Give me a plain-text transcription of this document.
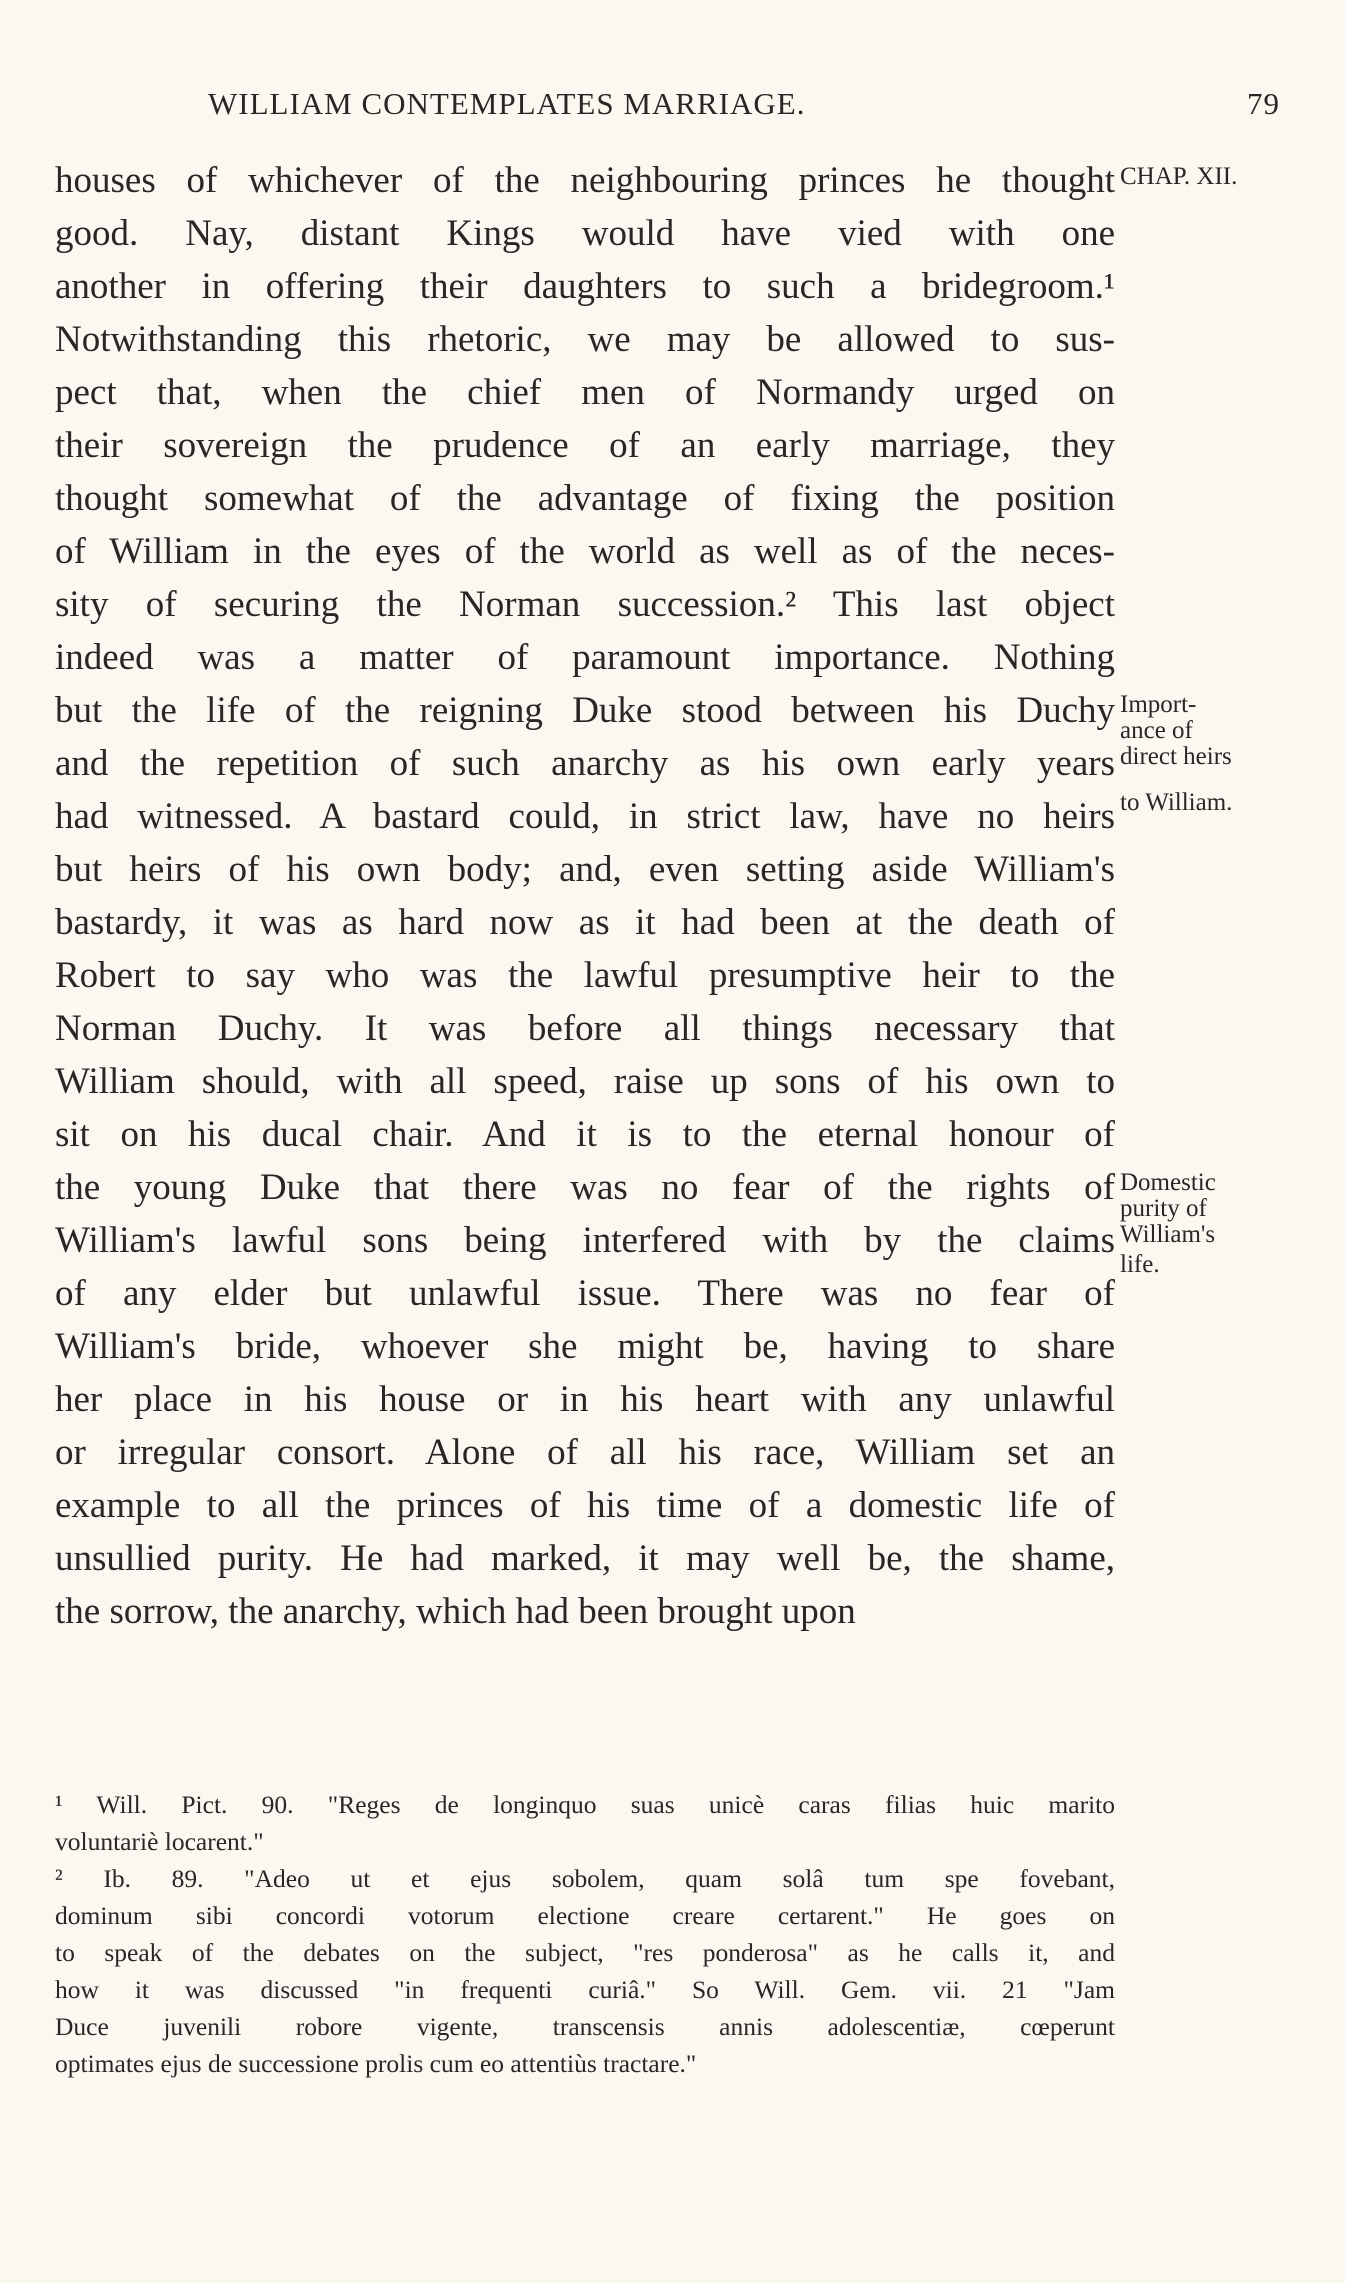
WILLIAM CONTEMPLATES MARRIAGE.	79
houses of whichever of the neighbouring princes he thought
good. Nay, distant Kings would have vied with one
another in offering their daughters to such a bridegroom.¹
Notwithstanding this rhetoric, we may be allowed to sus-
pect that, when the chief men of Normandy urged on
their sovereign the prudence of an early marriage, they
thought somewhat of the advantage of fixing the position
of William in the eyes of the world as well as of the neces-
sity of securing the Norman succession.² This last object
indeed was a matter of paramount importance. Nothing
but the life of the reigning Duke stood between his Duchy
and the repetition of such anarchy as his own early years
had witnessed. A bastard could, in strict law, have no heirs
but heirs of his own body; and, even setting aside William's
bastardy, it was as hard now as it had been at the death of
Robert to say who was the lawful presumptive heir to the
Norman Duchy. It was before all things necessary that
William should, with all speed, raise up sons of his own to
sit on his ducal chair. And it is to the eternal honour of
the young Duke that there was no fear of the rights of
William's lawful sons being interfered with by the claims
of any elder but unlawful issue. There was no fear of
William's bride, whoever she might be, having to share
her place in his house or in his heart with any unlawful
or irregular consort. Alone of all his race, William set an
example to all the princes of his time of a domestic life of
unsullied purity. He had marked, it may well be, the shame,
the sorrow, the anarchy, which had been brought upon
CHAP. XII.
Import-
ance of
direct heirs
to William.
Domestic
purity of
William's
life.
¹ Will. Pict. 90. "Reges de longinquo suas unicè caras filias huic marito
voluntariè locarent."
² Ib. 89. "Adeo ut et ejus sobolem, quam solâ tum spe fovebant,
dominum sibi concordi votorum electione creare certarent." He goes on
to speak of the debates on the subject, "res ponderosa" as he calls it, and
how it was discussed "in frequenti curiâ." So Will. Gem. vii. 21 "Jam
Duce juvenili robore vigente, transcensis annis adolescentiæ, cœperunt
optimates ejus de successione prolis cum eo attentiùs tractare."
